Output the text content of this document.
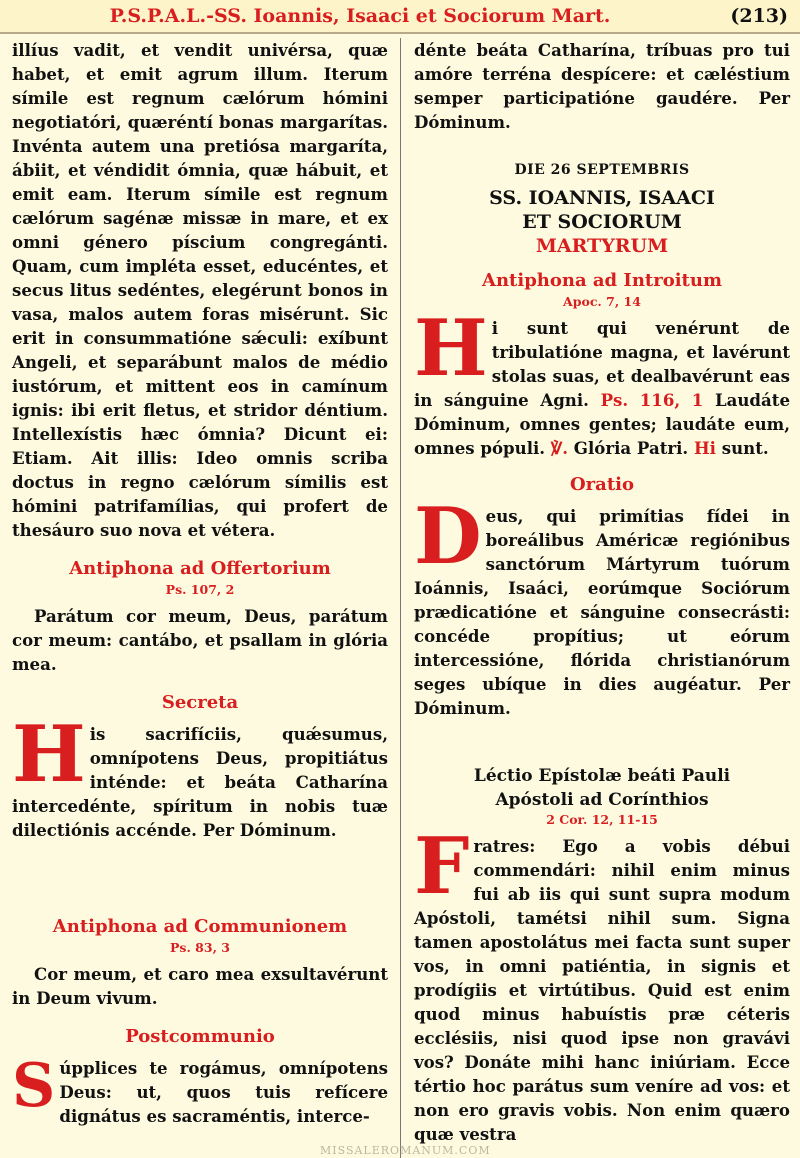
P.S.P.A.L.-SS. Ioannis, Isaaci et Sociorum Mart.	(213)

illíus vadit, et vendit univérsa, quæ habet, et emit agrum illum. Iterum símile est regnum cælórum hómini negotiatóri, quæréntí bonas margarítas. Invénta autem una pretiósa margaríta, ábiit, et véndidit ómnia, quæ hábuit, et emit eam. Iterum símile est regnum cælórum sagénæ missæ in mare, et ex omni género píscium congregánti. Quam, cum impléta esset, educéntes, et secus litus sedéntes, elegérunt bonos in vasa, malos autem foras misérunt. Sic erit in consummatióne sǽculi: exíbunt Angeli, et separábunt malos de médio iustórum, et mittent eos in camínum ignis: ibi erit fletus, et stridor déntium. Intellexístis hæc ómnia? Dicunt ei: Etiam. Ait illis: Ideo omnis scriba doctus in regno cælórum símilis est hómini patrifamílias, qui profert de thesáuro suo nova et vétera.

Antiphona ad Offertorium

Ps. 107, 2

Parátum cor meum, Deus, parátum cor meum: cantábo, et psallam in glória mea.

Secreta

His sacrifíciis, quǽsumus, omnípotens Deus, propitiátus inténde: et beáta Catharína intercedénte, spíritum in nobis tuæ dilectiónis accénde. Per Dóminum.

Antiphona ad Communionem

Ps. 83, 3

Cor meum, et caro mea exsultavérunt in Deum vivum.

Postcommunio

Súpplices te rogámus, omnípotens Deus: ut, quos tuis refícere dignátus es sacraméntis, interce-

dénte beáta Catharína, tríbuas pro tui amóre terréna despícere: et cæléstium semper participatióne gaudére. Per Dóminum.

DIE 26 SEPTEMBRIS

SS. IOANNIS, ISAACI

ET SOCIORUM

MARTYRUM

Antiphona ad Introitum

Apoc. 7, 14

Hi sunt qui venérunt de tribulatióne magna, et lavérunt stolas suas, et dealbavérunt eas in sánguine Agni. Ps. 116, 1 Laudáte Dóminum, omnes gentes; laudáte eum, omnes pópuli. ℣. Glória Patri. Hi sunt.

Oratio

Deus, qui primítias fídei in boreálibus Américæ regiónibus sanctórum Mártyrum tuórum Ioánnis, Isaáci, eorúmque Sociórum prædicatióne et sánguine consecrásti: concéde propítius; ut eórum intercessióne, flórida christianórum seges ubíque in dies augéatur. Per Dóminum.

Léctio Epístolæ beáti Pauli

Apóstoli ad Corínthios

2 Cor. 12, 11-15

Fratres: Ego a vobis débui commendári: nihil enim minus fui ab iis qui sunt supra modum Apóstoli, tamétsi nihil sum. Signa tamen apostolátus mei facta sunt super vos, in omni patiéntia, in signis et prodígiis et virtútibus. Quid est enim quod minus habuístis præ céteris ecclésiis, nisi quod ipse non gravávi vos? Donáte mihi hanc iniúriam. Ecce tértio hoc parátus sum veníre ad vos: et non ero gravis vobis. Non enim quæro quæ vestra

MISSALEROMANUM.COM
